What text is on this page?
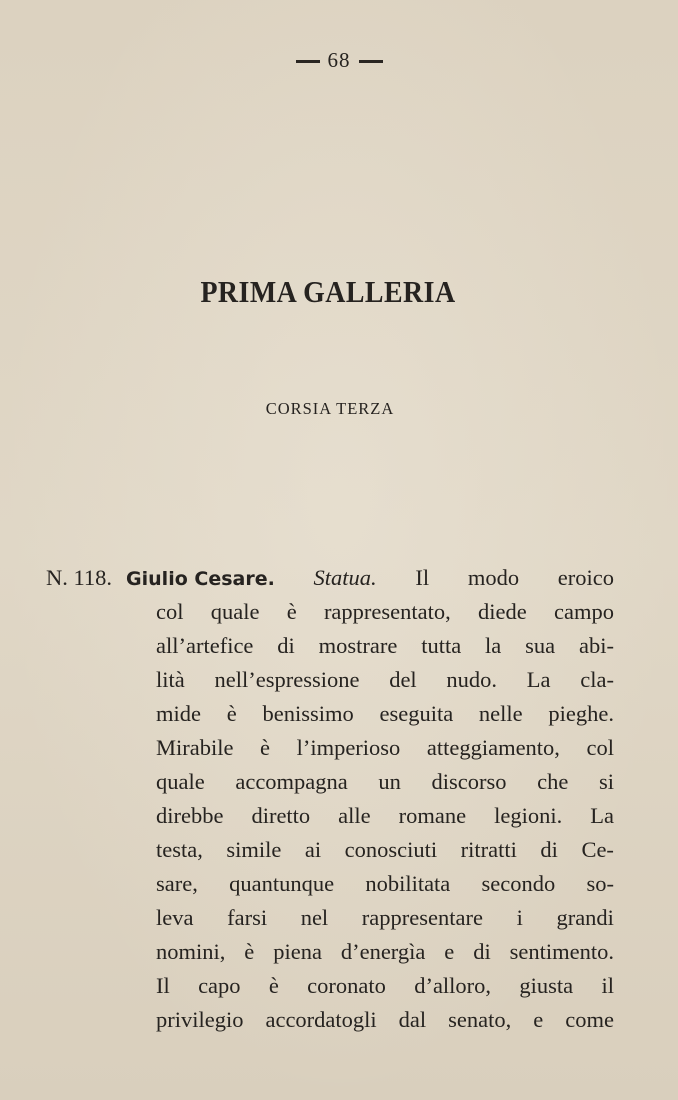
68
PRIMA GALLERIA
CORSIA TERZA
N. 118. Giulio Cesare. Statua. Il modo eroico
col quale è rappresentato, diede campo
all’artefice di mostrare tutta la sua abi-
lità nell’espressione del nudo. La cla-
mide è benissimo eseguita nelle pieghe.
Mirabile è l’imperioso atteggiamento, col
quale accompagna un discorso che si
direbbe diretto alle romane legioni. La
testa, simile ai conosciuti ritratti di Ce-
sare, quantunque nobilitata secondo so-
leva farsi nel rappresentare i grandi
nomini, è piena d’energìa e di sentimento.
Il capo è coronato d’alloro, giusta il
privilegio accordatogli dal senato, e come
